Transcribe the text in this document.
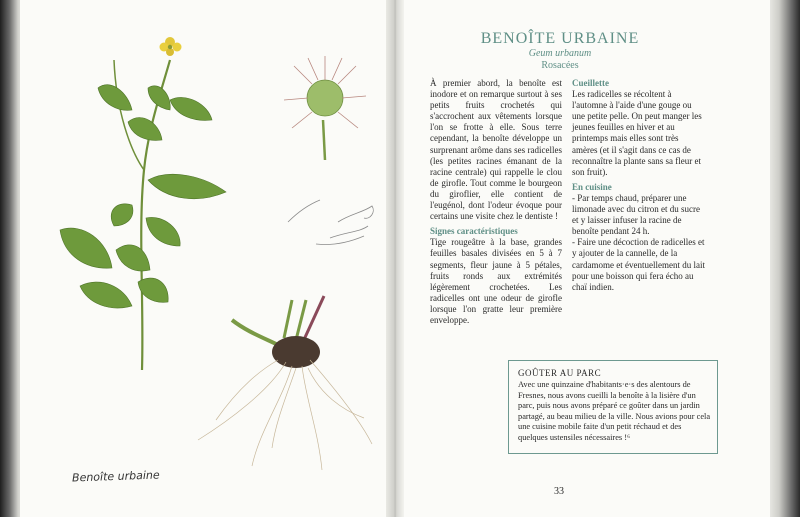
Benoîte urbaine
BENOÎTE URBAINE
Geum urbanum
Rosacées

À premier abord, la benoîte est inodore et on remarque surtout à ses petits fruits crochetés qui s'accrochent aux vêtements lorsque l'on se frotte à elle. Sous terre cependant, la benoîte développe un surprenant arôme dans ses radicelles (les petites racines émanant de la racine centrale) qui rappelle le clou de girofle. Tout comme le bourgeon du giroflier, elle contient de l'eugénol, dont l'odeur évoque pour certains une visite chez le dentiste !

Signes caractéristiques

Tige rougeâtre à la base, grandes feuilles basales divisées en 5 à 7 segments, fleur jaune à 5 pétales, fruits ronds aux extrémités légèrement crochetées. Les radicelles ont une odeur de girofle lorsque l'on gratte leur première enveloppe.

Cueillette

Les radicelles se récoltent à l'automne à l'aide d'une gouge ou une petite pelle. On peut manger les jeunes feuilles en hiver et au printemps mais elles sont très amères (et il s'agit dans ce cas de reconnaître la plante sans sa fleur et son fruit).

En cuisine

- Par temps chaud, préparer une limonade avec du citron et du sucre et y laisser infuser la racine de benoîte pendant 24 h.

- Faire une décoction de radicelles et y ajouter de la cannelle, de la cardamome et éventuellement du lait pour une boisson qui fera écho au chaï indien.

GOÛTER AU PARC
Avec une quinzaine d'habitants·e·s des alentours de Fresnes, nous avons cueilli la benoîte à la lisière d'un parc, puis nous avons préparé ce goûter dans un jardin partagé, au beau milieu de la ville. Nous avions pour cela une cuisine mobile faite d'un petit réchaud et des quelques ustensiles nécessaires !⁶
33
